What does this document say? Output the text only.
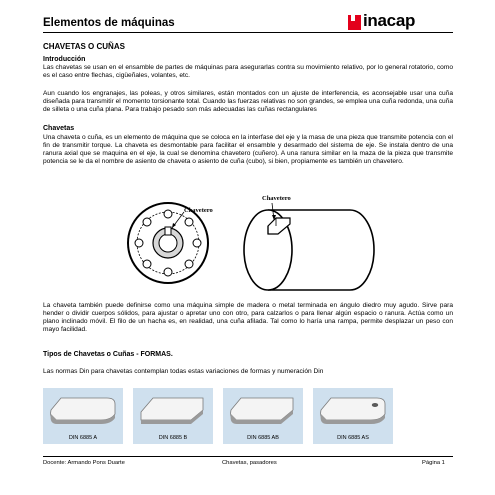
Elementos de máquinas	inacap
CHAVETAS O CUÑAS
Introducción
Las chavetas se usan en el ensamble de partes de máquinas para asegurarlas contra su movimiento relativo, por lo general rotatorio, como es el caso entre flechas, cigüeñales, volantes, etc.
Aun cuando los engranajes, las poleas, y otros similares, están montados con un ajuste de interferencia, es aconsejable usar una cuña diseñada para transmitir el momento torsionante total. Cuando las fuerzas relativas no son grandes, se emplea una cuña redonda, una cuña de silleta o una cuña plana. Para trabajo pesado son más adecuadas las cuñas rectangulares
Chavetas
Una chaveta o cuña, es un elemento de máquina que se coloca en la interfase del eje y la masa de una pieza que transmite potencia con el fin de transmitir torque. La chaveta es desmontable para facilitar el ensamble y desarmado del sistema de eje. Se instala dentro de una ranura axial que se maquina en el eje, la cual se denomina chavetero (cuñero). A una ranura similar en la maza de la pieza que transmite potencia se le da el nombre de asiento de chaveta o asiento de cuña (cubo), si bien, propiamente es también un chavetero.
Chavetero
Chavetero
La chaveta también puede definirse como una máquina simple de madera o metal terminada en ángulo diedro muy agudo. Sirve para hender o dividir cuerpos sólidos, para ajustar o apretar uno con otro, para calzarlos o para llenar algún espacio o ranura. Actúa como un plano inclinado móvil. El filo de un hacha es, en realidad, una cuña afilada. Tal como lo haría una rampa, permite desplazar un peso con mayo facilidad.
Tipos de Chavetas o Cuñas - FORMAS.
Las normas Din para chavetas contemplan todas estas variaciones de formas y numeración Din
DIN 6885 A	DIN 6885 B	DIN 6885 AB	DIN 6885 AS
Docente: Armando Pons Duarte	Chavetas, pasadores	Página 1
